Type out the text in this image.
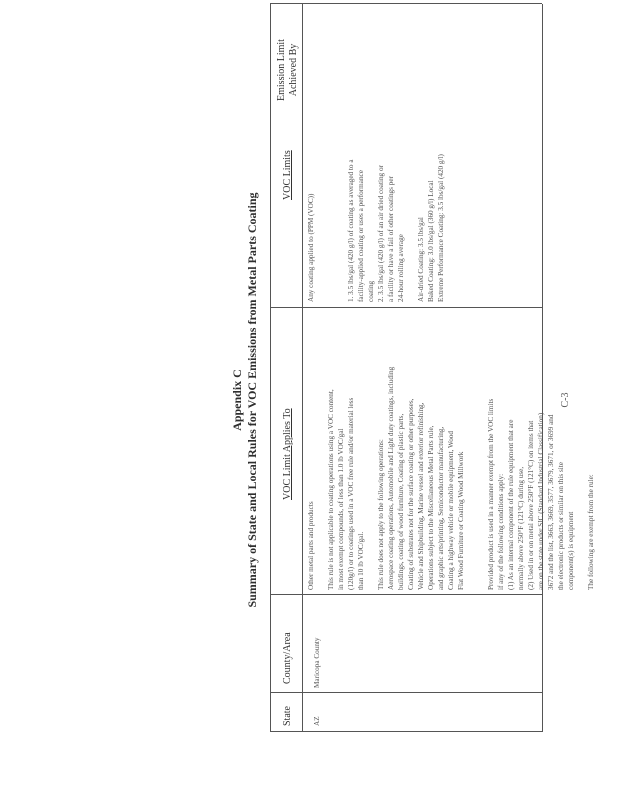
Appendix C Summary of State and Local Rules for VOC Emissions from Metal Parts Coating
State
County/Area
VOC Limit Applies To
VOC Limits
Emission Limit Achieved By
AZ
Maricopa County

Other metal parts and products

This rule is not applicable to coating operations using a VOC content, in most exempt compounds, of less than 1.0 lb VOC/gal (120g/l) or to coatings used in a VOC free rule and/or material less than 10 lb VOC/gal.

This rule does not apply to the following operations: Aerospace coating operations, Automobile and Light duty coatings, including buildings, coating of wood furniture, Coating of plastic parts, Coating of substrates not for the surface coating or other purposes, Vehicle and Shipbuilding, Marine vessel and exterior refinishing, Operations subject to the Miscellaneous Metal Parts rule, and graphic arts/printing, Semiconductor manufacturing, Coating a highway vehicle or mobile equipment, Wood Flat Wood Furniture or Coating Wood Millwork

	Provided product is used in a manner exempt from the VOC limits if any of the following conditions apply: (1) As an internal component of the rule equipment that are normally above 250°F (121°C) during use, (2) Used in or on metal above 250°F (121°C) on items that are on the state under SIC (Standard Industrial Classification) 3672 and the list, 3663, 3669, 3577, 3679, 3671, or 3699 and the electronic products or similar on this site component(s) is equipment

The following are exempt from the rule:

Any coating applied to (PPM (VOC))

	1. 3.5 lbs/gal (420 g/l) of coating as averaged to a facility-applied coating or uses a performance coating 2. 3.5 lbs/gal (420 g/l) of an air dried coating or a facility or have a fail of other coatings per 24-hour rolling average

Air-dried Coating: 3.5 lbs/gal Baked Coating: 3.0 lbs/gal (360 g/l) Local Extreme Performance Coating: 3.5 lbs/gal (420 g/l)

C-3
